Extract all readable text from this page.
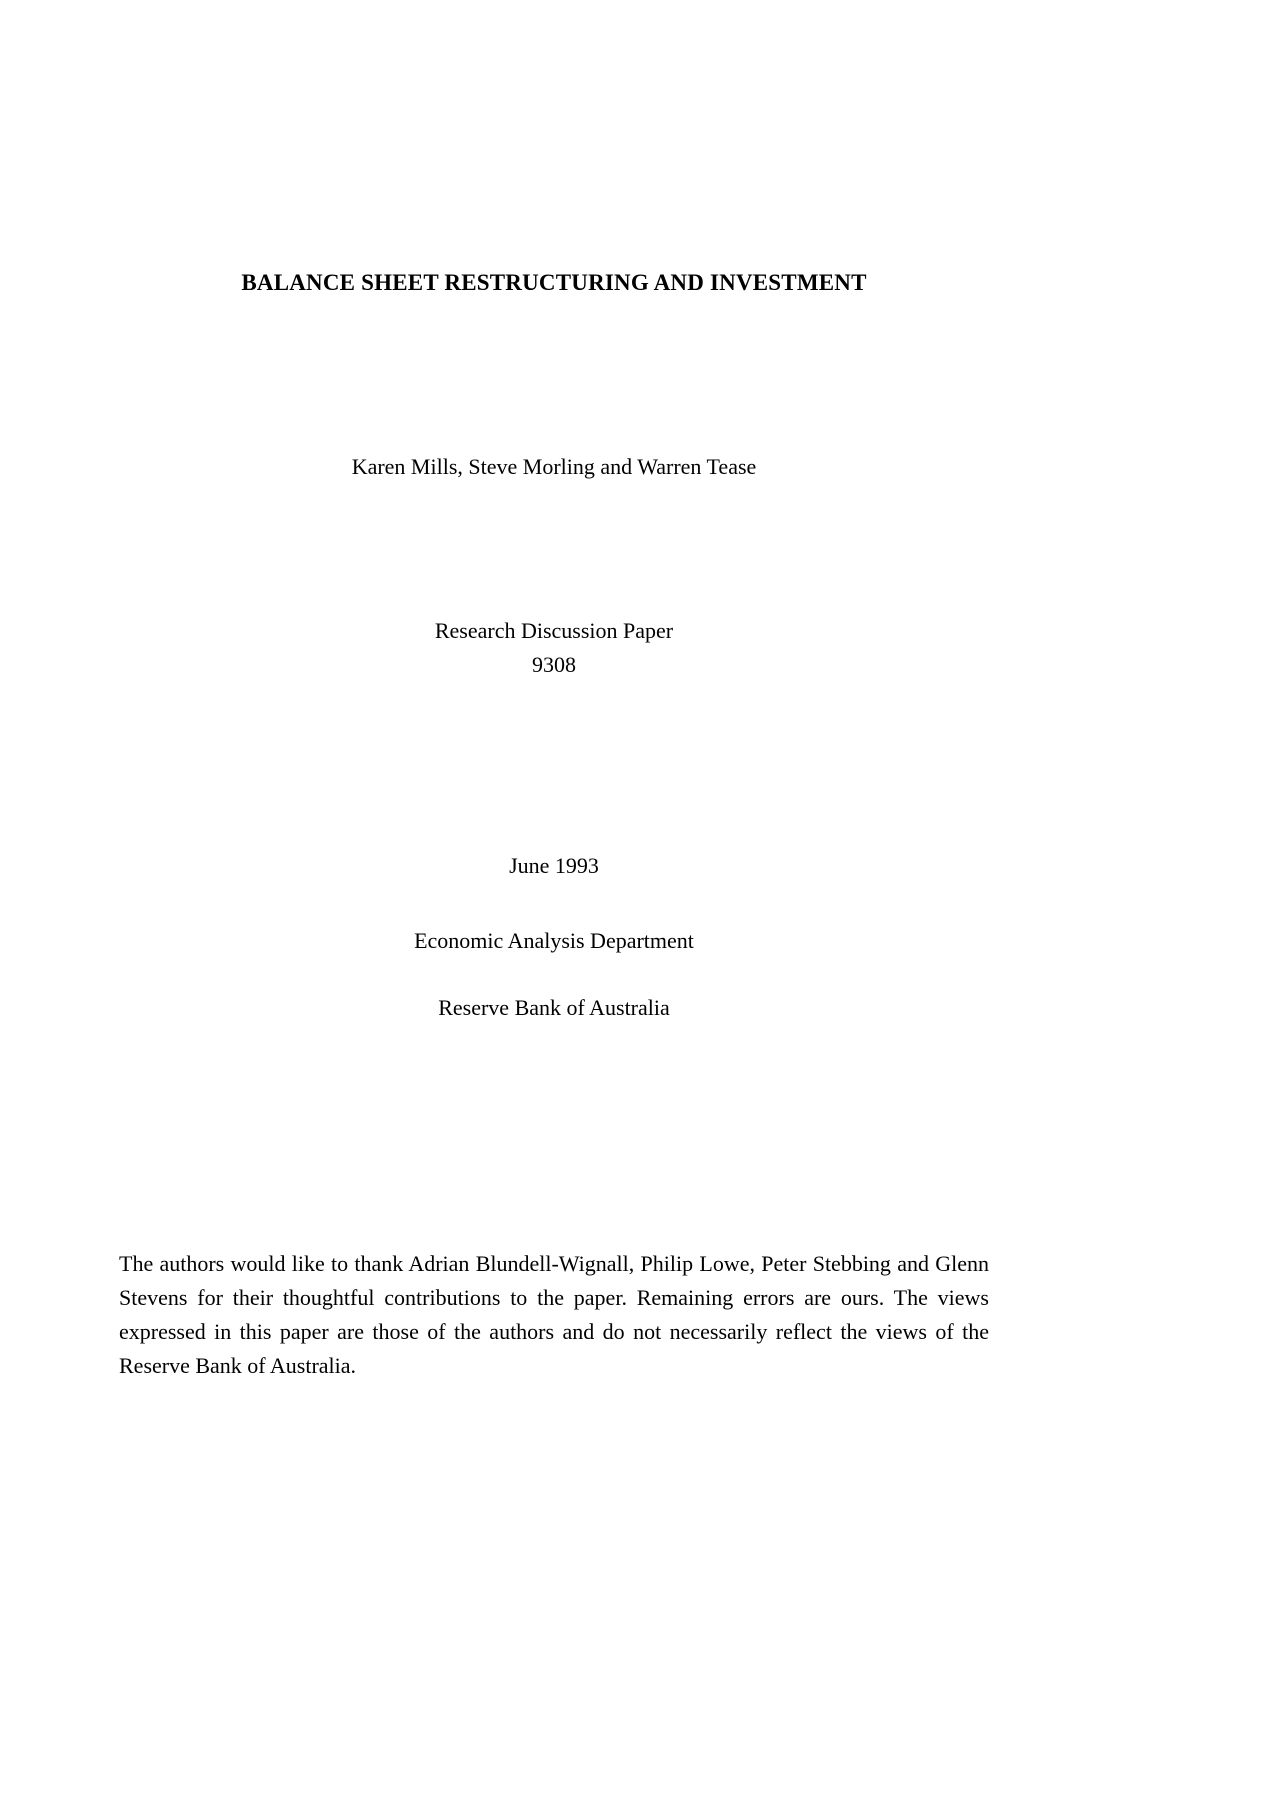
BALANCE SHEET RESTRUCTURING AND INVESTMENT
Karen Mills, Steve Morling and Warren Tease
Research Discussion Paper
9308
June 1993
Economic Analysis Department
Reserve Bank of Australia

The authors would like to thank Adrian Blundell-Wignall, Philip Lowe, Peter Stebbing and Glenn Stevens for their thoughtful contributions to the paper. Remaining errors are ours. The views expressed in this paper are those of the authors and do not necessarily reflect the views of the Reserve Bank of Australia.
